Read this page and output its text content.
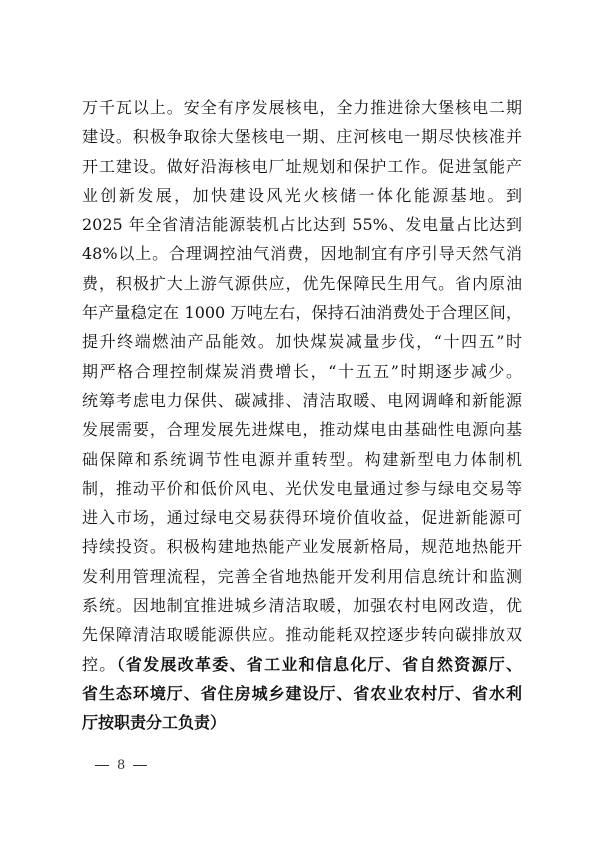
万千瓦以上。安全有序发展核电，全力推进徐大堡核电二期
建设。积极争取徐大堡核电一期、庄河核电一期尽快核准并
开工建设。做好沿海核电厂址规划和保护工作。促进氢能产
业创新发展，加快建设风光火核储一体化能源基地。到
2025 年全省清洁能源装机占比达到 55%、发电量占比达到
48%以上。合理调控油气消费，因地制宜有序引导天然气消
费，积极扩大上游气源供应，优先保障民生用气。省内原油
年产量稳定在 1000 万吨左右，保持石油消费处于合理区间，
提升终端燃油产品能效。加快煤炭减量步伐，“十四五”时
期严格合理控制煤炭消费增长，“十五五”时期逐步减少。
统筹考虑电力保供、碳减排、清洁取暖、电网调峰和新能源
发展需要，合理发展先进煤电，推动煤电由基础性电源向基
础保障和系统调节性电源并重转型。构建新型电力体制机
制，推动平价和低价风电、光伏发电量通过参与绿电交易等
进入市场，通过绿电交易获得环境价值收益，促进新能源可
持续投资。积极构建地热能产业发展新格局，规范地热能开
发利用管理流程，完善全省地热能开发利用信息统计和监测
系统。因地制宜推进城乡清洁取暖，加强农村电网改造，优
先保障清洁取暖能源供应。推动能耗双控逐步转向碳排放双
控。（省发展改革委、省工业和信息化厅、省自然资源厅、
省生态环境厅、省住房城乡建设厅、省农业农村厅、省水利
厅按职责分工负责）
8
